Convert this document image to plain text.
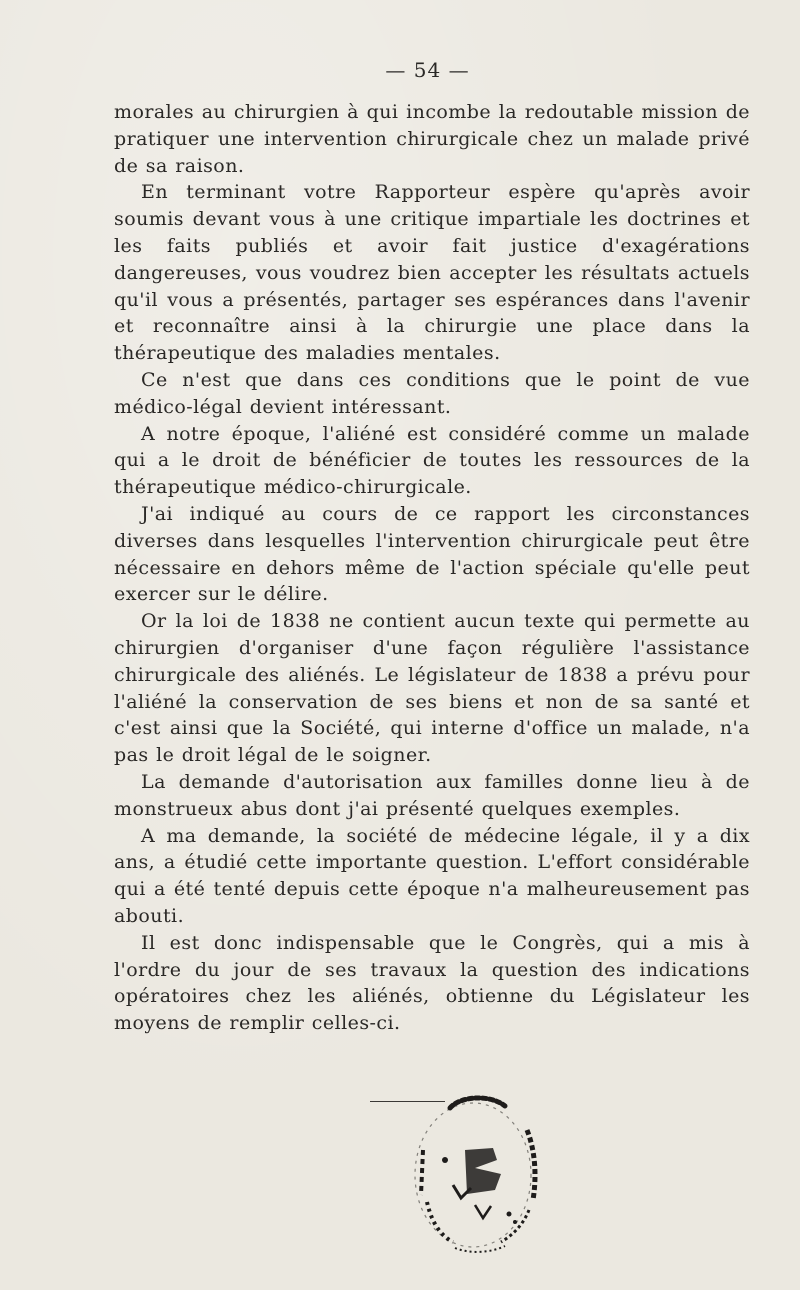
— 54 —

morales au chirurgien à qui incombe la redoutable mission de pratiquer une intervention chirurgicale chez un malade privé de sa raison.

En terminant votre Rapporteur espère qu'après avoir soumis devant vous à une critique impartiale les doctrines et les faits publiés et avoir fait justice d'exagérations dangereuses, vous voudrez bien accepter les résultats actuels qu'il vous a présentés, partager ses espérances dans l'avenir et reconnaître ainsi à la chirurgie une place dans la thérapeutique des maladies mentales.

Ce n'est que dans ces conditions que le point de vue médico-légal devient intéressant.

A notre époque, l'aliéné est considéré comme un malade qui a le droit de bénéficier de toutes les ressources de la thérapeutique médico-chirurgicale.

J'ai indiqué au cours de ce rapport les circonstances diverses dans lesquelles l'intervention chirurgicale peut être nécessaire en dehors même de l'action spéciale qu'elle peut exercer sur le délire.

Or la loi de 1838 ne contient aucun texte qui permette au chirurgien d'organiser d'une façon régulière l'assistance chirurgicale des aliénés. Le législateur de 1838 a prévu pour l'aliéné la conservation de ses biens et non de sa santé et c'est ainsi que la Société, qui interne d'office un malade, n'a pas le droit légal de le soigner.

La demande d'autorisation aux familles donne lieu à de monstrueux abus dont j'ai présenté quelques exemples.

A ma demande, la société de médecine légale, il y a dix ans, a étudié cette importante question. L'effort considérable qui a été tenté depuis cette époque n'a malheureusement pas abouti.

Il est donc indispensable que le Congrès, qui a mis à l'ordre du jour de ses travaux la question des indications opératoires chez les aliénés, obtienne du Législateur les moyens de remplir celles-ci.
